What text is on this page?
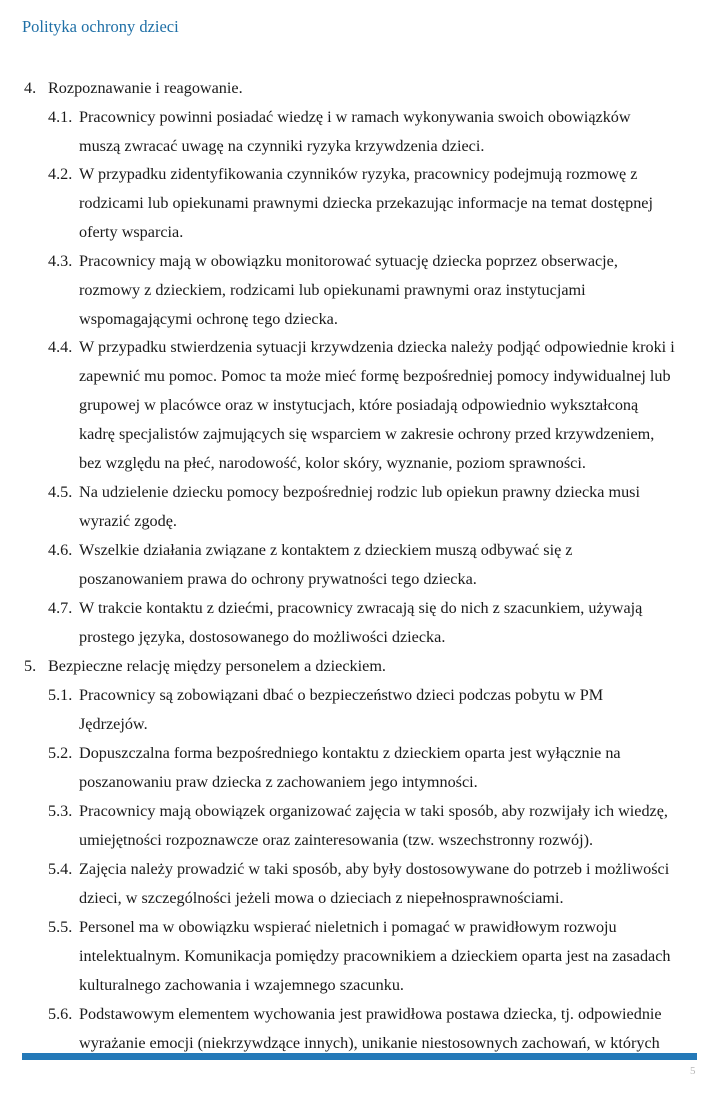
Polityka ochrony dzieci
4. Rozpoznawanie i reagowanie.
4.1. Pracownicy powinni posiadać wiedzę i w ramach wykonywania swoich obowiązków
muszą zwracać uwagę na czynniki ryzyka krzywdzenia dzieci.
4.2. W przypadku zidentyfikowania czynników ryzyka, pracownicy podejmują rozmowę z
rodzicami lub opiekunami prawnymi dziecka przekazując informacje na temat dostępnej
oferty wsparcia.
4.3. Pracownicy mają w obowiązku monitorować sytuację dziecka poprzez obserwacje,
rozmowy z dzieckiem, rodzicami lub opiekunami prawnymi oraz instytucjami
wspomagającymi ochronę tego dziecka.
4.4. W przypadku stwierdzenia sytuacji krzywdzenia dziecka należy podjąć odpowiednie kroki i
zapewnić mu pomoc. Pomoc ta może mieć formę bezpośredniej pomocy indywidualnej lub
grupowej w placówce oraz w instytucjach, które posiadają odpowiednio wykształconą
kadrę specjalistów zajmujących się wsparciem w zakresie ochrony przed krzywdzeniem,
bez względu na płeć, narodowość, kolor skóry, wyznanie, poziom sprawności.
4.5. Na udzielenie dziecku pomocy bezpośredniej rodzic lub opiekun prawny dziecka musi
wyrazić zgodę.
4.6. Wszelkie działania związane z kontaktem z dzieckiem muszą odbywać się z
poszanowaniem prawa do ochrony prywatności tego dziecka.
4.7. W trakcie kontaktu z dziećmi, pracownicy zwracają się do nich z szacunkiem, używają
prostego języka, dostosowanego do możliwości dziecka.
5. Bezpieczne relację między personelem a dzieckiem.
5.1. Pracownicy są zobowiązani dbać o bezpieczeństwo dzieci podczas pobytu w PM
Jędrzejów.
5.2. Dopuszczalna forma bezpośredniego kontaktu z dzieckiem oparta jest wyłącznie na
poszanowaniu praw dziecka z zachowaniem jego intymności.
5.3. Pracownicy mają obowiązek organizować zajęcia w taki sposób, aby rozwijały ich wiedzę,
umiejętności rozpoznawcze oraz zainteresowania (tzw. wszechstronny rozwój).
5.4. Zajęcia należy prowadzić w taki sposób, aby były dostosowywane do potrzeb i możliwości
dzieci, w szczególności jeżeli mowa o dzieciach z niepełnosprawnościami.
5.5. Personel ma w obowiązku wspierać nieletnich i pomagać w prawidłowym rozwoju
intelektualnym. Komunikacja pomiędzy pracownikiem a dzieckiem oparta jest na zasadach
kulturalnego zachowania i wzajemnego szacunku.
5.6. Podstawowym elementem wychowania jest prawidłowa postawa dziecka, tj. odpowiednie
wyrażanie emocji (niekrzywdzące innych), unikanie niestosownych zachowań, w których
5
